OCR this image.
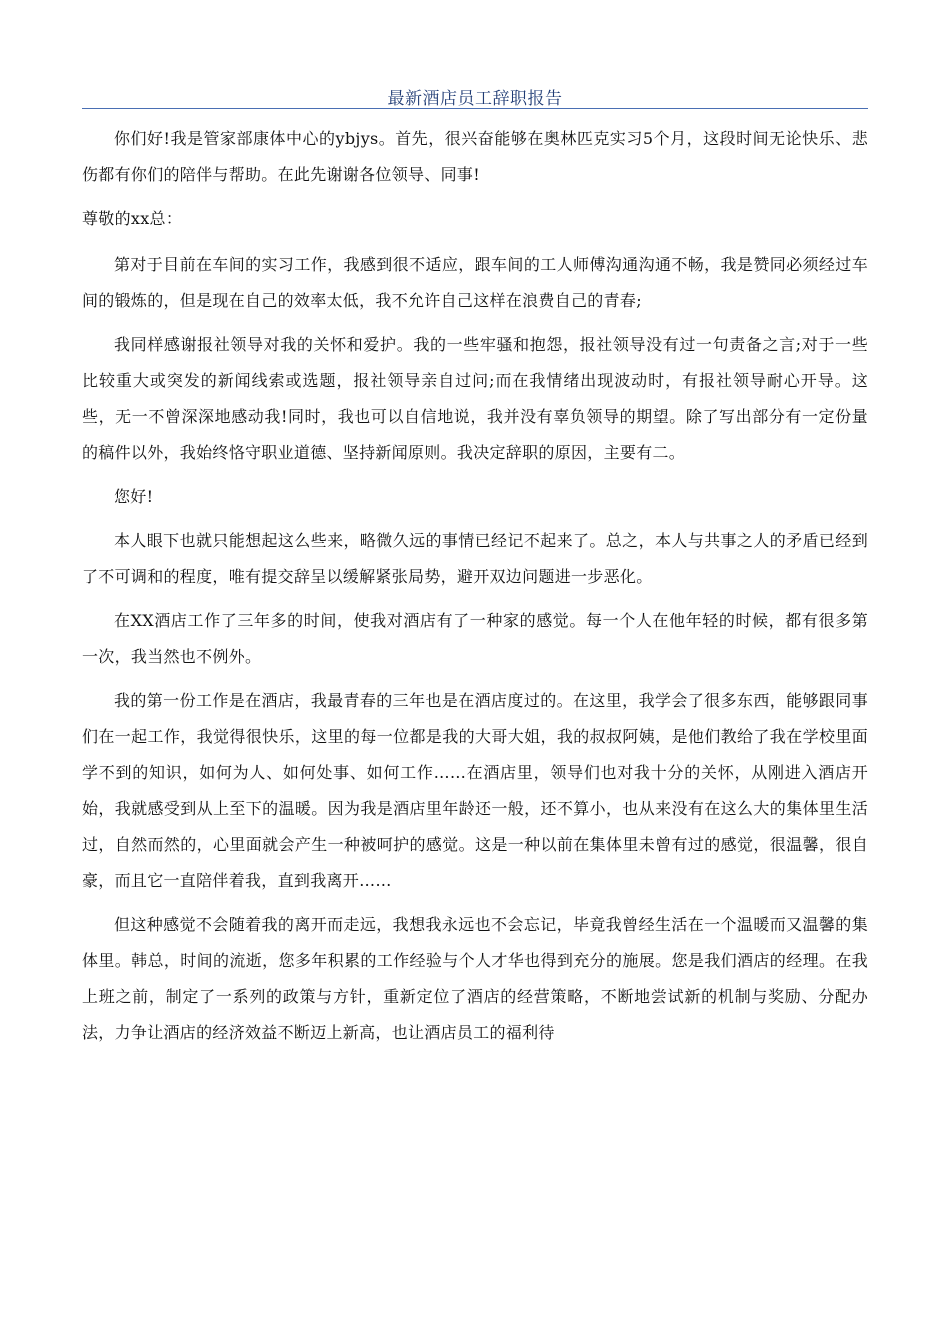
最新酒店员工辞职报告

你们好!我是管家部康体中心的ybjys。首先，很兴奋能够在奥林匹克实习5个月，这段时间无论快乐、悲伤都有你们的陪伴与帮助。在此先谢谢各位领导、同事!

尊敬的xx总：

第对于目前在车间的实习工作，我感到很不适应，跟车间的工人师傅沟通沟通不畅，我是赞同必须经过车间的锻炼的，但是现在自己的效率太低，我不允许自己这样在浪费自己的青春;

我同样感谢报社领导对我的关怀和爱护。我的一些牢骚和抱怨，报社领导没有过一句责备之言;对于一些比较重大或突发的新闻线索或选题，报社领导亲自过问;而在我情绪出现波动时，有报社领导耐心开导。这些，无一不曾深深地感动我!同时，我也可以自信地说，我并没有辜负领导的期望。除了写出部分有一定份量的稿件以外，我始终恪守职业道德、坚持新闻原则。我决定辞职的原因，主要有二。

您好!

本人眼下也就只能想起这么些来，略微久远的事情已经记不起来了。总之，本人与共事之人的矛盾已经到了不可调和的程度，唯有提交辞呈以缓解紧张局势，避开双边问题进一步恶化。

在XX酒店工作了三年多的时间，使我对酒店有了一种家的感觉。每一个人在他年轻的时候，都有很多第一次，我当然也不例外。

我的第一份工作是在酒店，我最青春的三年也是在酒店度过的。在这里，我学会了很多东西，能够跟同事们在一起工作，我觉得很快乐，这里的每一位都是我的大哥大姐，我的叔叔阿姨，是他们教给了我在学校里面学不到的知识，如何为人、如何处事、如何工作……在酒店里，领导们也对我十分的关怀，从刚进入酒店开始，我就感受到从上至下的温暖。因为我是酒店里年龄还一般，还不算小，也从来没有在这么大的集体里生活过，自然而然的，心里面就会产生一种被呵护的感觉。这是一种以前在集体里未曾有过的感觉，很温馨，很自豪，而且它一直陪伴着我，直到我离开……

但这种感觉不会随着我的离开而走远，我想我永远也不会忘记，毕竟我曾经生活在一个温暖而又温馨的集体里。韩总，时间的流逝，您多年积累的工作经验与个人才华也得到充分的施展。您是我们酒店的经理。在我上班之前，制定了一系列的政策与方针，重新定位了酒店的经营策略，不断地尝试新的机制与奖励、分配办法，力争让酒店的经济效益不断迈上新高，也让酒店员工的福利待
